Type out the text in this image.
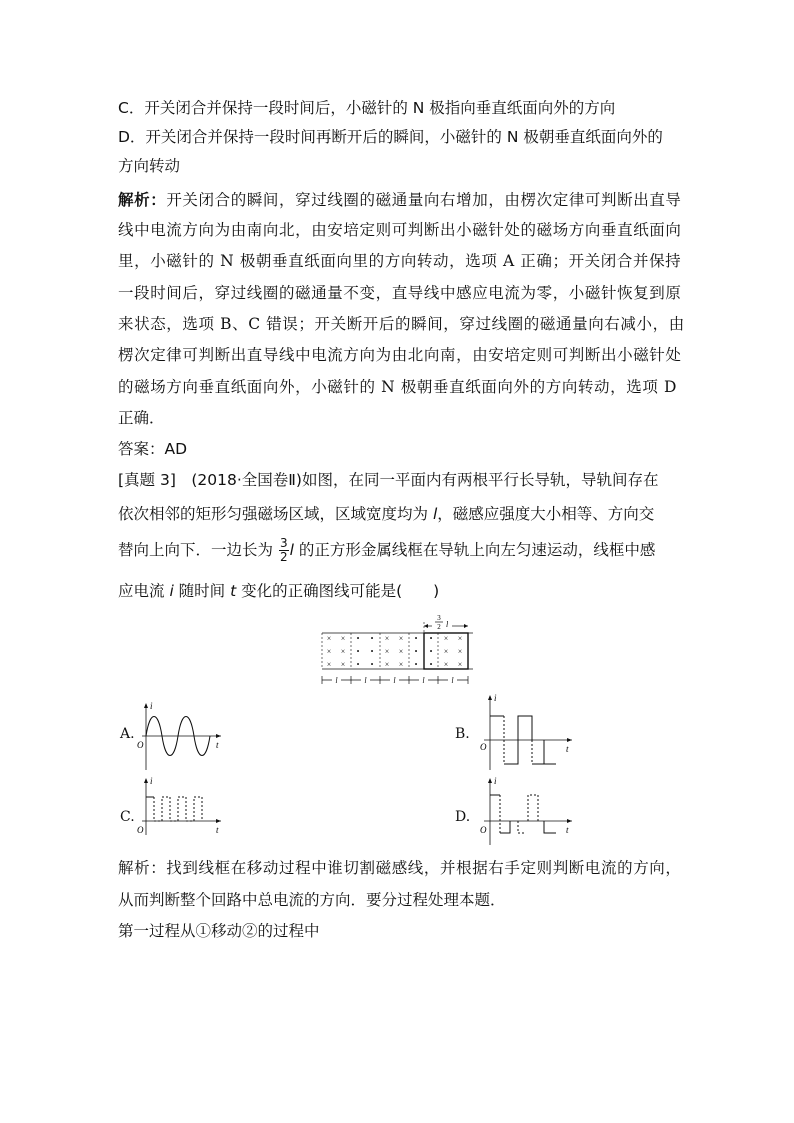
C．开关闭合并保持一段时间后，小磁针的 N 极指向垂直纸面向外的方向
D．开关闭合并保持一段时间再断开后的瞬间，小磁针的 N 极朝垂直纸面向外的
方向转动
解析：开关闭合的瞬间，穿过线圈的磁通量向右增加，由楞次定律可判断出直导
线中电流方向为由南向北，由安培定则可判断出小磁针处的磁场方向垂直纸面向
里，小磁针的 N 极朝垂直纸面向里的方向转动，选项 A 正确；开关闭合并保持
一段时间后，穿过线圈的磁通量不变，直导线中感应电流为零，小磁针恢复到原
来状态，选项 B、C 错误；开关断开后的瞬间，穿过线圈的磁通量向右减小，由
楞次定律可判断出直导线中电流方向为由北向南，由安培定则可判断出小磁针处
的磁场方向垂直纸面向外，小磁针的 N 极朝垂直纸面向外的方向转动，选项 D
正确．
答案：AD
[真题 3]　(2018·全国卷Ⅱ)如图，在同一平面内有两根平行长导轨，导轨间存在
依次相邻的矩形匀强磁场区域，区域宽度均为 l，磁感应强度大小相等、方向交
替向上向下．一边长为 $\frac{3}{2}$ l 的正方形金属线框在导轨上向左匀速运动，线框中感
应电流 i 随时间 t 变化的正确图线可能是(　　)
3
2 l
× ×
× ×
× ×
• •
• •
• •
× ×
× ×
× ×
•
•
•
•
•
•
× ×
× ×
× ×
l	l	l	l	l
A.
i
t
O
B.
i
t
O
C.
i
t
O
D.
i
t
O
解析：找到线框在移动过程中谁切割磁感线，并根据右手定则判断电流的方向，
从而判断整个回路中总电流的方向．要分过程处理本题．
第一过程从①移动②的过程中
